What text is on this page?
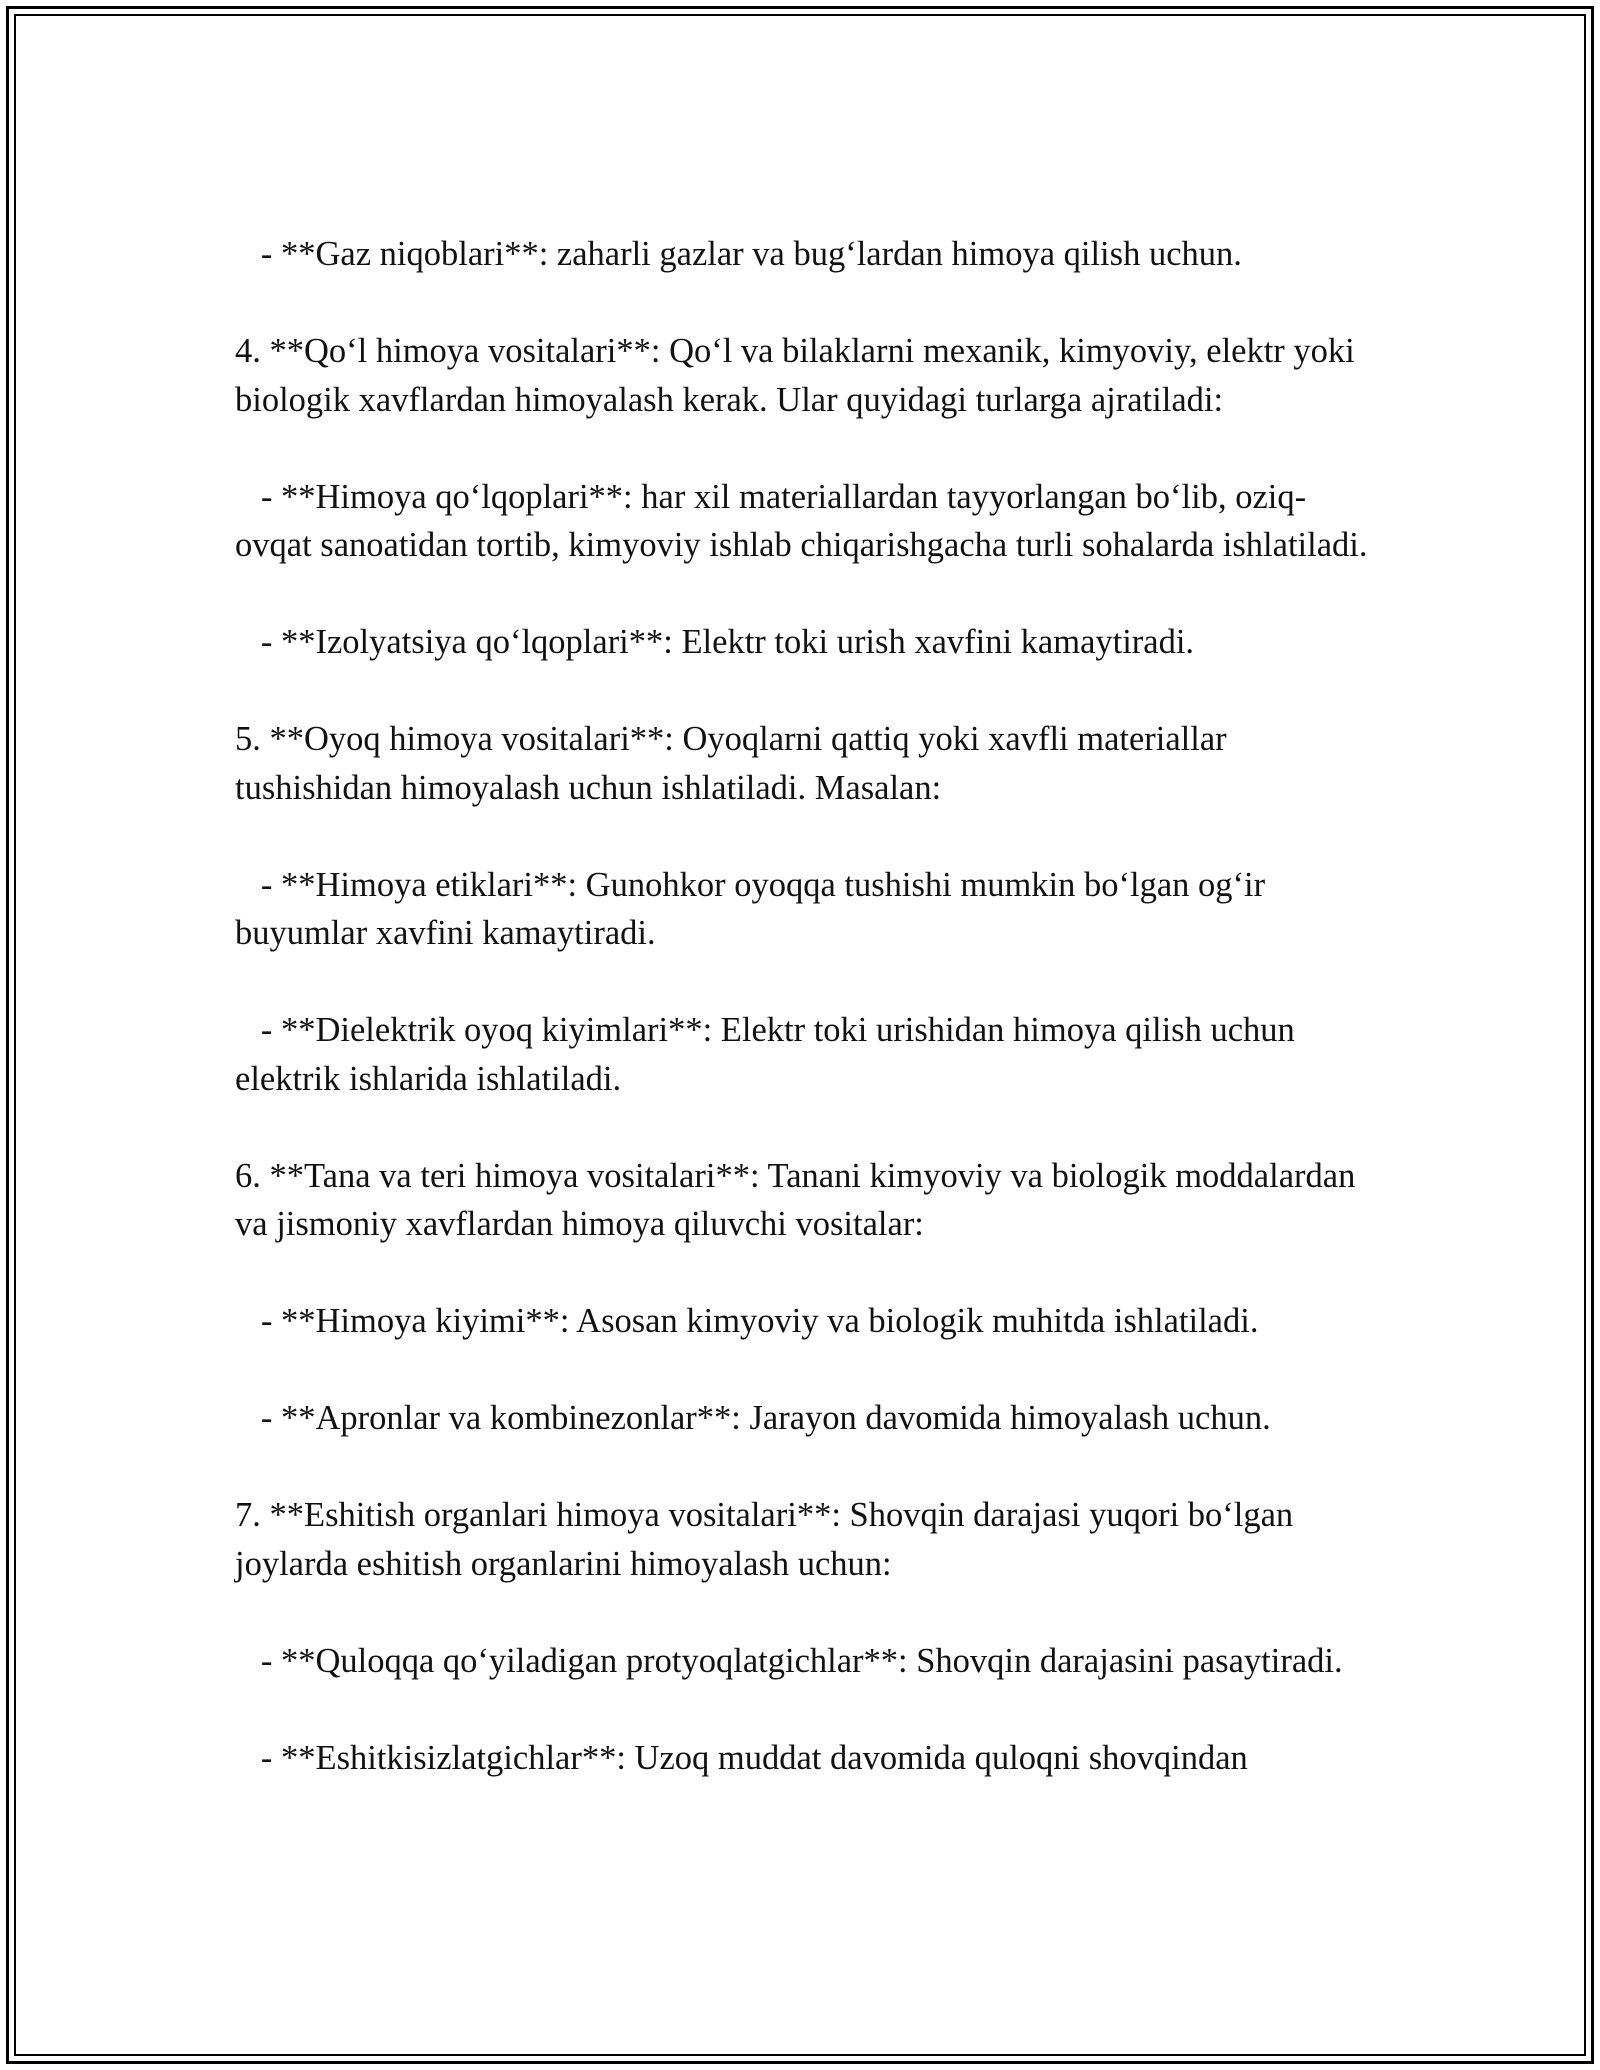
- **Gaz niqoblari**: zaharli gazlar va bug‘lardan himoya qilish uchun.

4. **Qo‘l himoya vositalari**: Qo‘l va bilaklarni mexanik, kimyoviy, elektr yoki biologik xavflardan himoyalash kerak. Ular quyidagi turlarga ajratiladi:

- **Himoya qo‘lqoplari**: har xil materiallardan tayyorlangan bo‘lib, oziq-ovqat sanoatidan tortib, kimyoviy ishlab chiqarishgacha turli sohalarda ishlatiladi.

- **Izolyatsiya qo‘lqoplari**: Elektr toki urish xavfini kamaytiradi.

5. **Oyoq himoya vositalari**: Oyoqlarni qattiq yoki xavfli materiallar tushishidan himoyalash uchun ishlatiladi. Masalan:

- **Himoya etiklari**: Gunohkor oyoqqa tushishi mumkin bo‘lgan og‘ir buyumlar xavfini kamaytiradi.

- **Dielektrik oyoq kiyimlari**: Elektr toki urishidan himoya qilish uchun elektrik ishlarida ishlatiladi.

6. **Tana va teri himoya vositalari**: Tanani kimyoviy va biologik moddalardan va jismoniy xavflardan himoya qiluvchi vositalar:

- **Himoya kiyimi**: Asosan kimyoviy va biologik muhitda ishlatiladi.

- **Apronlar va kombinezonlar**: Jarayon davomida himoyalash uchun.

7. **Eshitish organlari himoya vositalari**: Shovqin darajasi yuqori bo‘lgan joylarda eshitish organlarini himoyalash uchun:

- **Quloqqa qo‘yiladigan protyoqlatgichlar**: Shovqin darajasini pasaytiradi.

- **Eshitkisizlatgichlar**: Uzoq muddat davomida quloqni shovqindan
